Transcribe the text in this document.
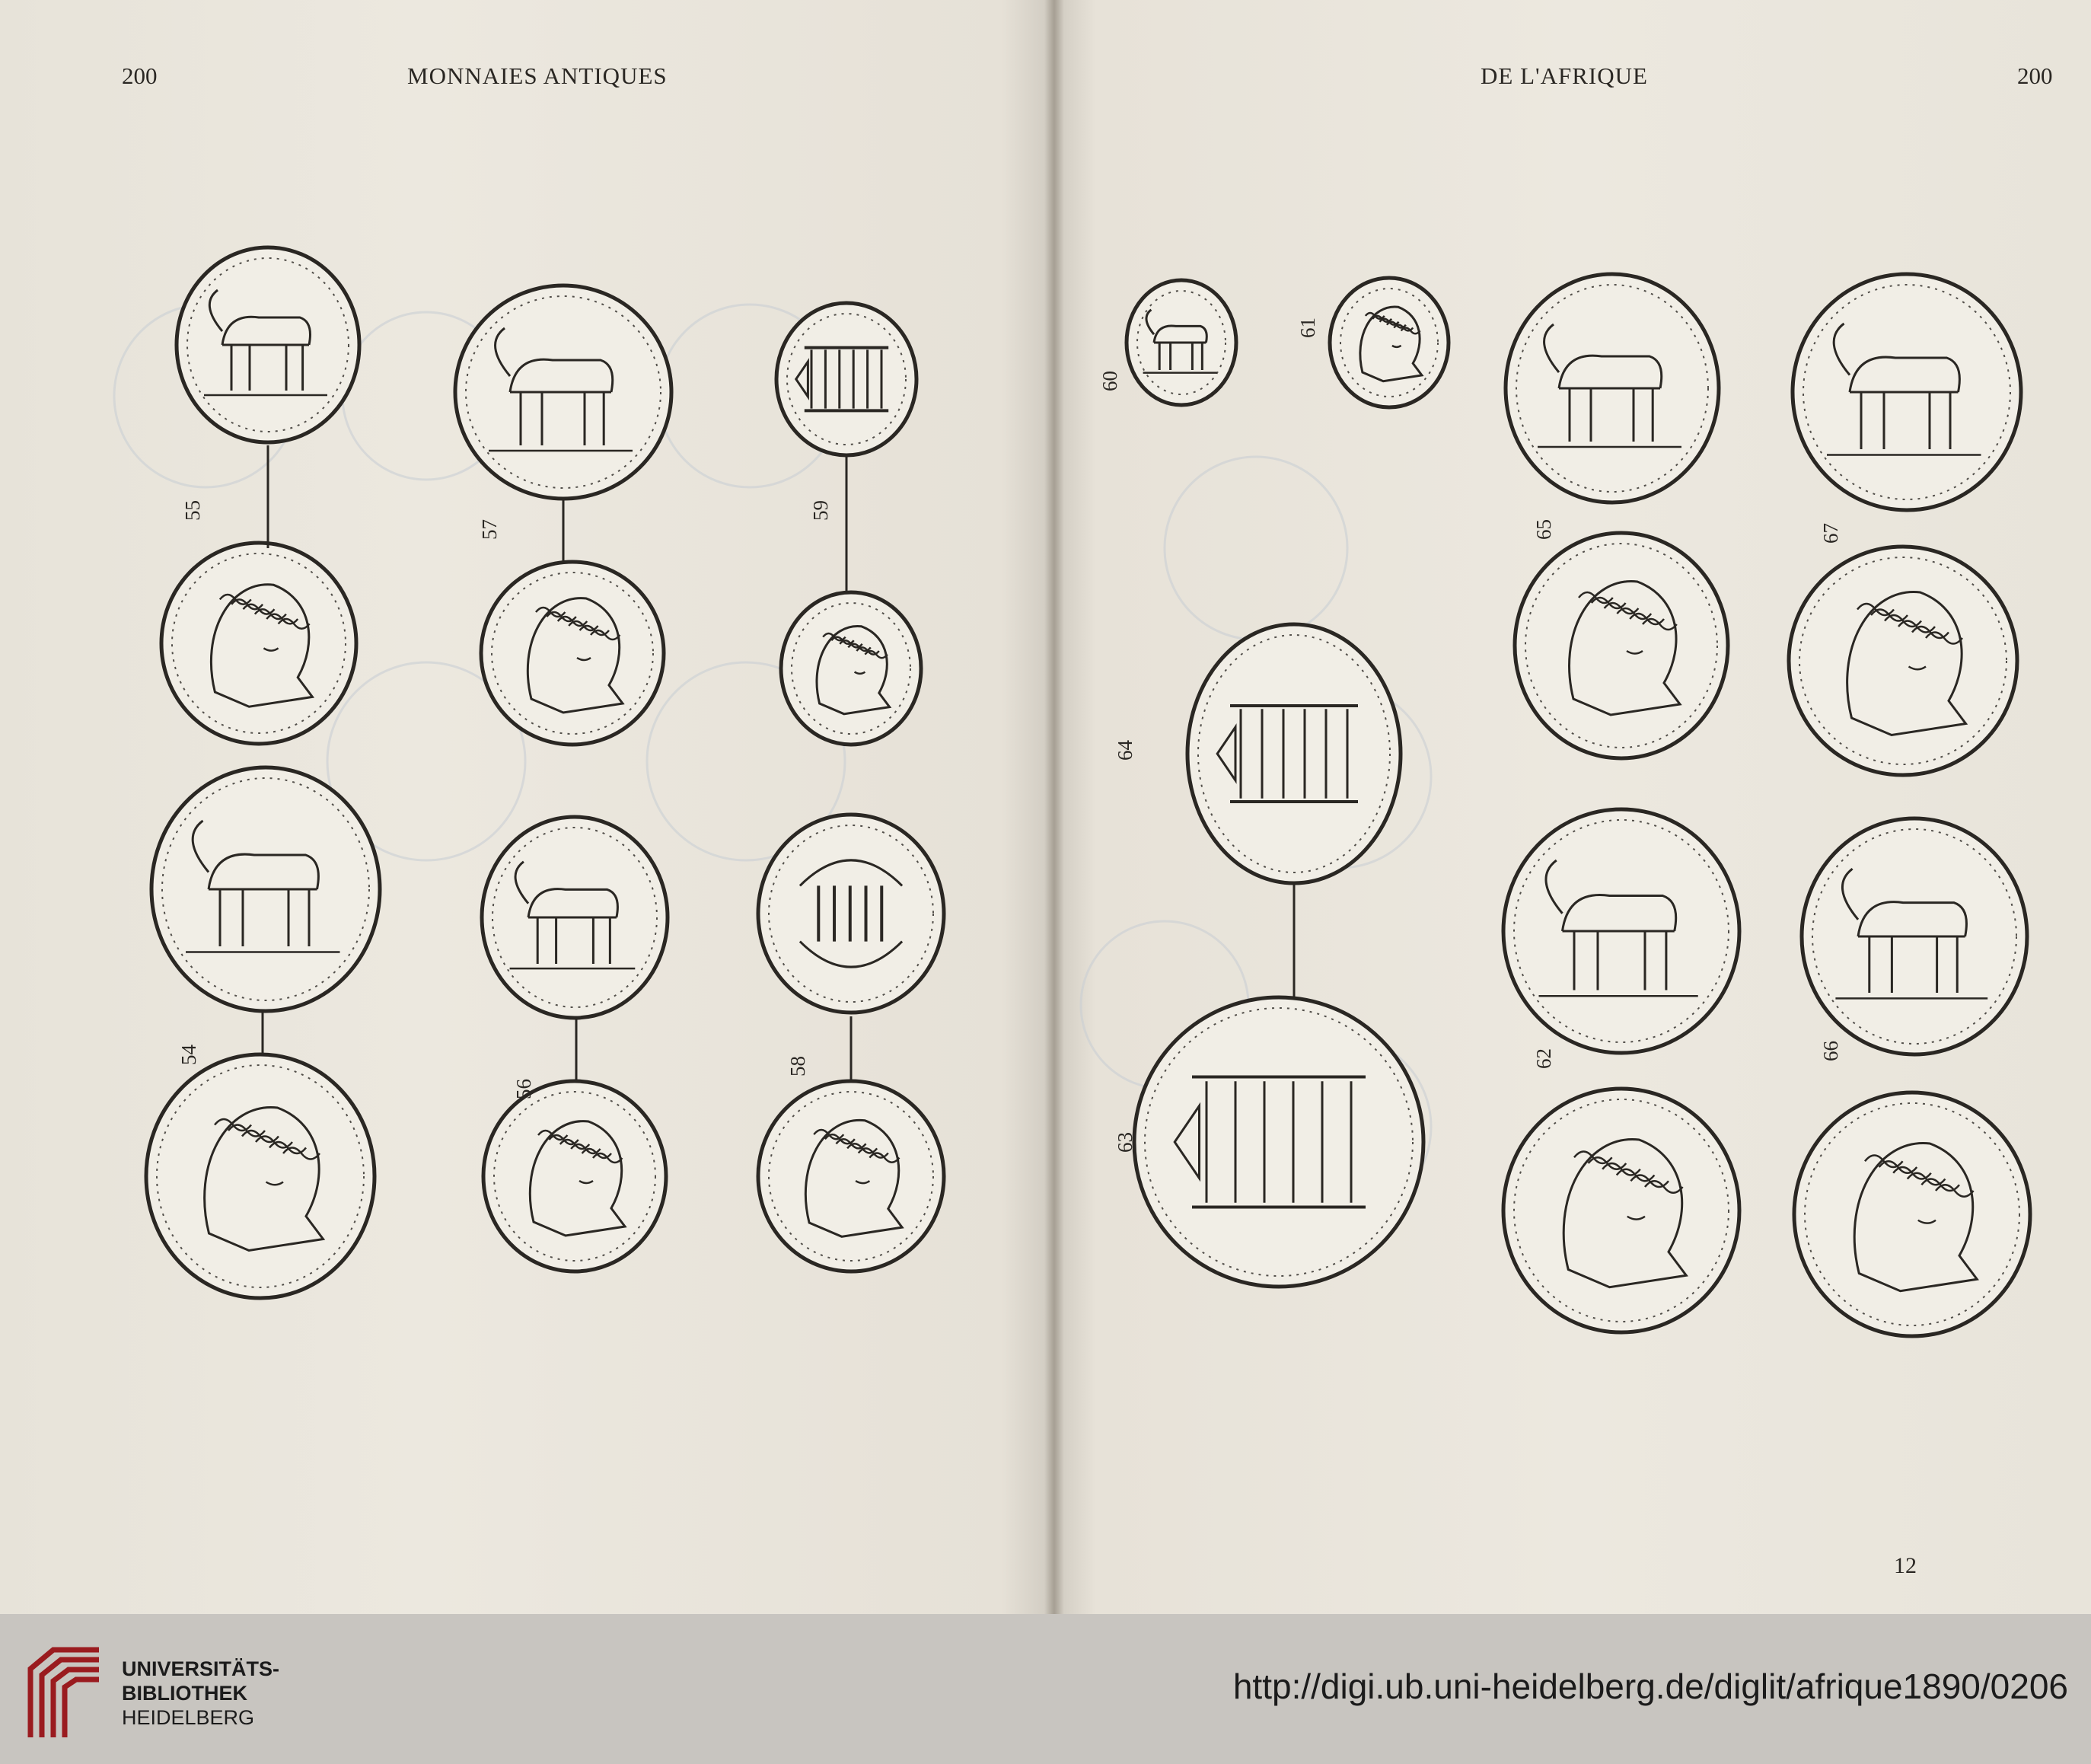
200	MONNAIES ANTIQUES	DE L'AFRIQUE	200
12
55
57
59
54
56
58
60
61
65	67
64
62	66
63
UNIVERSITÄTS-
BIBLIOTHEK
HEIDELBERG
http://digi.ub.uni-heidelberg.de/diglit/afrique1890/0206
